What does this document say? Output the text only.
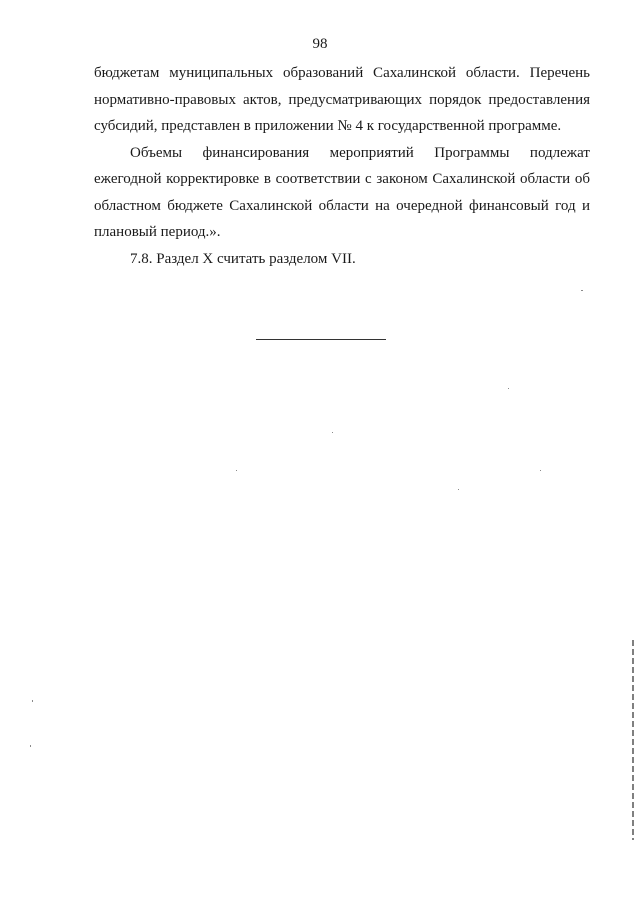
98

бюджетам муниципальных образований Сахалинской области. Перечень нормативно-правовых актов, предусматривающих порядок предоставления субсидий, представлен в приложении № 4 к государственной программе.

Объемы финансирования мероприятий Программы подлежат ежегодной корректировке в соответствии с законом Сахалинской области об областном бюджете Сахалинской области на очередной финансовый год и плановый период.».

7.8. Раздел X считать разделом VII.
